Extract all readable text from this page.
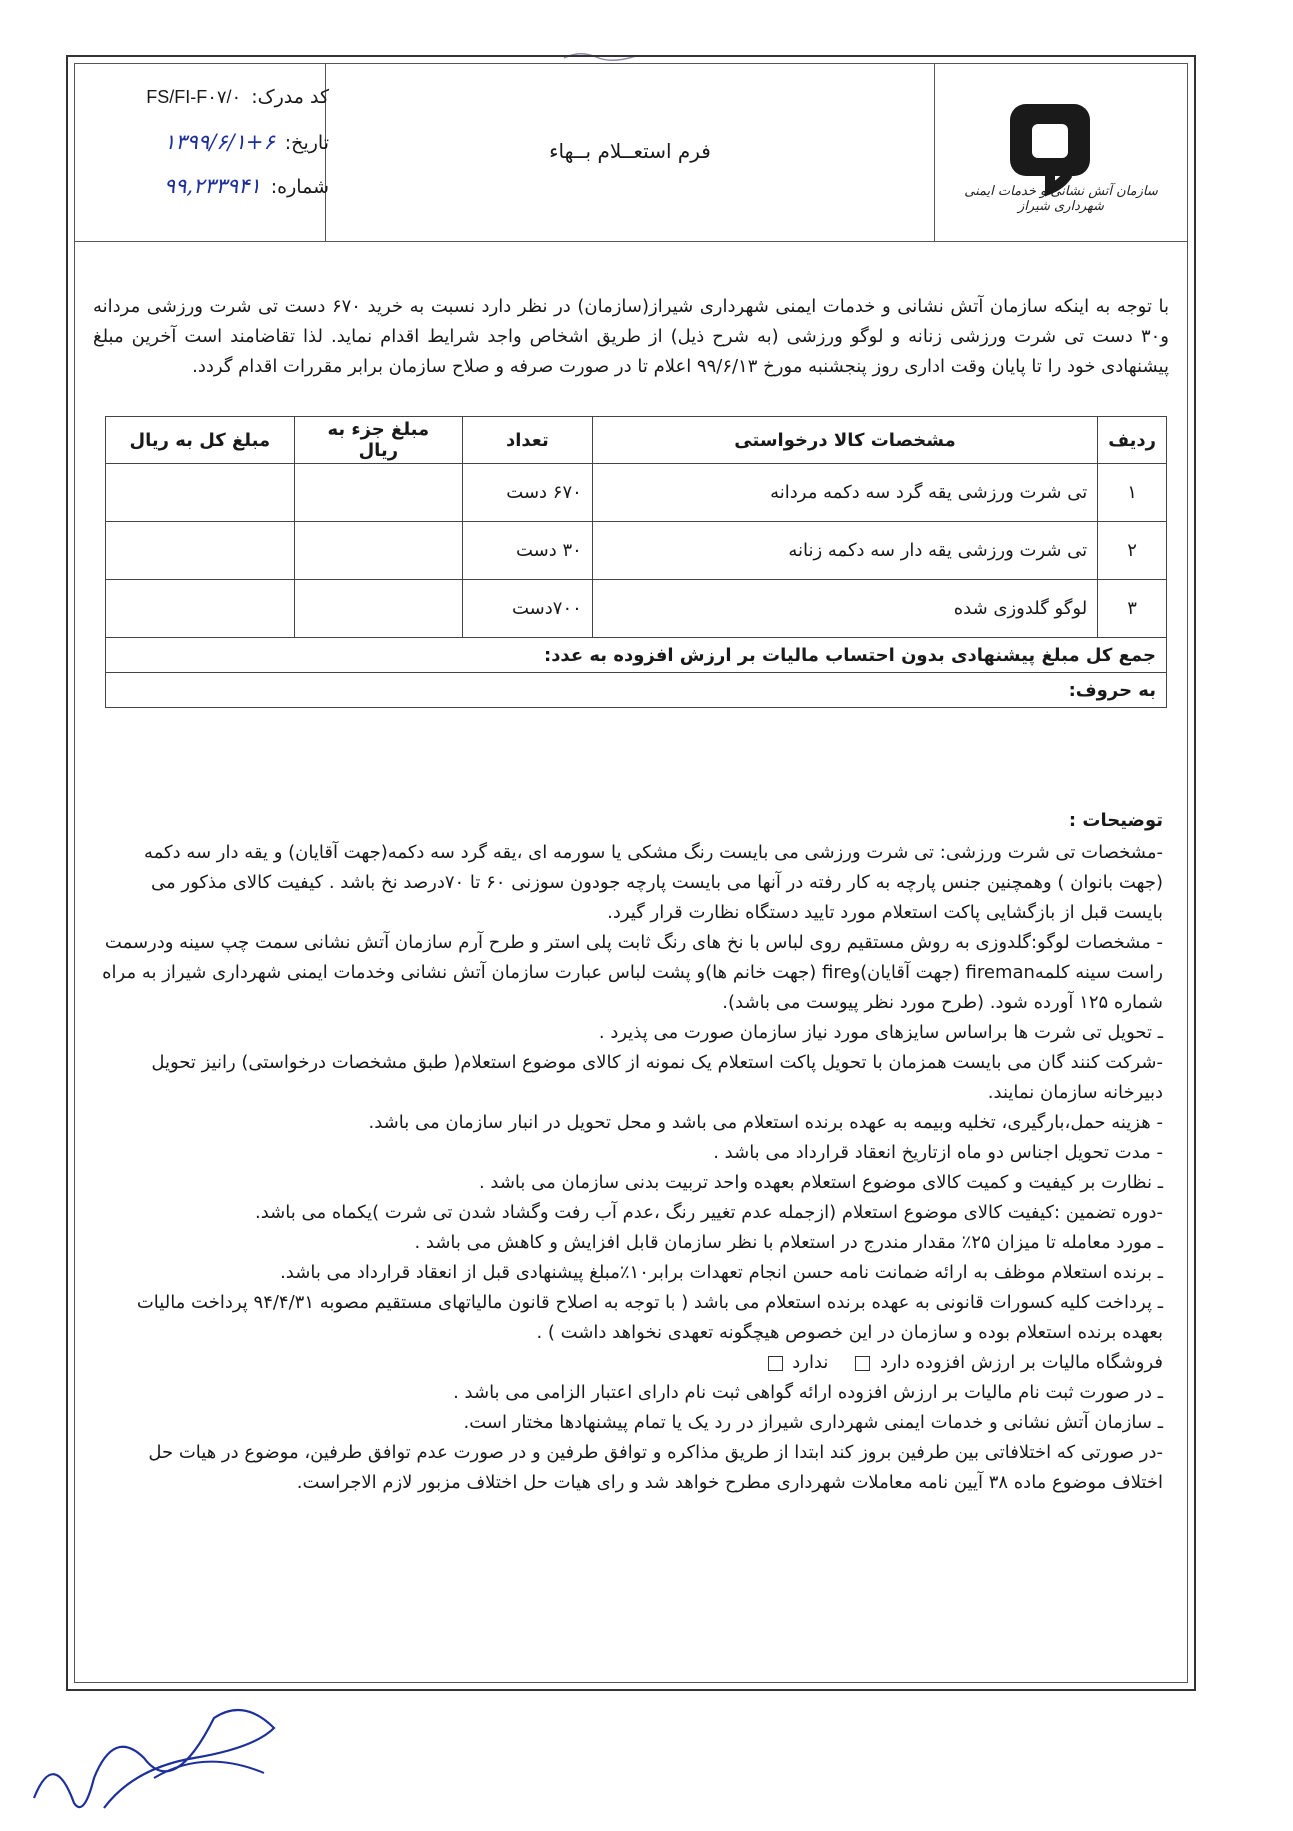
سازمان آتش نشانی و خدمات ایمنی شهرداری شیراز
فرم استعــلام بــهاء
کد مدرک:
FS/FI-F۰۷/۰
تاریخ:
۱۳۹۹/۶/۱+۶
شماره:
۹۹,۲۳۳۹۴۱

با توجه به اینکه سازمان آتش نشانی و خدمات ایمنی شهرداری شیراز(سازمان) در نظر دارد نسبت به خرید ۶۷۰ دست تی شرت ورزشی مردانه و۳۰ دست تی شرت ورزشی زنانه و لوگو ورزشی (به شرح ذیل) از طریق اشخاص واجد شرایط اقدام نماید. لذا تقاضامند است آخرین مبلغ پیشنهادی خود را تا پایان وقت اداری روز پنجشنبه مورخ ۹۹/۶/۱۳ اعلام تا در صورت صرفه و صلاح سازمان برابر مقررات اقدام گردد.

ردیف	مشخصات کالا درخواستی	تعداد	مبلغ جزء به ریال	مبلغ کل به ریال
۱	تی شرت ورزشی یقه گرد سه دکمه مردانه	۶۷۰ دست		
۲	تی شرت ورزشی یقه دار سه دکمه زنانه	۳۰ دست		
۳	لوگو گلدوزی شده	۷۰۰دست		
جمع کل مبلغ پیشنهادی بدون احتساب مالیات بر ارزش افزوده به عدد:				
به حروف:				
توضیحات :

-مشخصات تی شرت ورزشی: تی شرت ورزشی می بایست رنگ مشکی یا سورمه ای ،یقه گرد سه دکمه(جهت آقایان) و یقه دار سه دکمه (جهت بانوان ) وهمچنین جنس پارچه به کار رفته در آنها می بایست پارچه جودون سوزنی ۶۰ تا ۷۰درصد نخ باشد . کیفیت کالای مذکور می بایست قبل از بازگشایی پاکت استعلام مورد تایید دستگاه نظارت قرار گیرد.

- مشخصات لوگو:گلدوزی به روش مستقیم روی لباس با نخ های رنگ ثابت پلی استر و طرح آرم سازمان آتش نشانی سمت چپ سینه ودرسمت راست سینه کلمهfireman (جهت آقایان)وfire (جهت خانم ها)و پشت لباس عبارت سازمان آتش نشانی وخدمات ایمنی شهرداری شیراز به مراه شماره ۱۲۵ آورده شود. (طرح مورد نظر پیوست می باشد).

ـ تحویل تی شرت ها براساس سایزهای مورد نیاز سازمان صورت می پذیرد .

-شرکت کنند گان می بایست همزمان با تحویل پاکت استعلام یک نمونه از کالای موضوع استعلام( طبق مشخصات درخواستی) رانیز تحویل دبیرخانه سازمان نمایند.

- هزینه حمل،بارگیری، تخلیه وبیمه به عهده برنده استعلام می باشد و محل تحویل در انبار سازمان می باشد.

- مدت تحویل اجناس دو ماه ازتاریخ انعقاد قرارداد می باشد .

ـ نظارت بر کیفیت و کمیت کالای موضوع استعلام بعهده واحد تربیت بدنی سازمان می باشد .

-دوره تضمین :کیفیت کالای موضوع استعلام (ازجمله عدم تغییر رنگ ،عدم آب رفت وگشاد شدن تی شرت )یکماه می باشد.

ـ مورد معامله تا میزان ۲۵٪ مقدار مندرج در استعلام با نظر سازمان قابل افزایش و کاهش می باشد .

ـ برنده استعلام موظف به ارائه ضمانت نامه حسن انجام تعهدات برابر۱۰٪مبلغ پیشنهادی قبل از انعقاد قرارداد می باشد.

ـ پرداخت کلیه کسورات قانونی به عهده برنده استعلام می باشد ( با توجه به اصلاح قانون مالیاتهای مستقیم مصوبه ۹۴/۴/۳۱ پرداخت مالیات بعهده برنده استعلام بوده و سازمان در این خصوص هیچگونه تعهدی نخواهد داشت ) .

فروشگاه مالیات بر ارزش افزوده دارد     ندارد

ـ در صورت ثبت نام مالیات بر ارزش افزوده ارائه گواهی ثبت نام دارای اعتبار الزامی می باشد .

ـ سازمان آتش نشانی و خدمات ایمنی شهرداری شیراز در رد یک یا تمام پیشنهادها مختار است.

-در صورتی که اختلافاتی بین طرفین بروز کند ابتدا از طریق مذاکره و توافق طرفین و در صورت عدم توافق طرفین، موضوع در هیات حل اختلاف موضوع ماده ۳۸ آیین نامه معاملات شهرداری مطرح خواهد شد و رای هیات حل اختلاف مزبور لازم الاجراست.
